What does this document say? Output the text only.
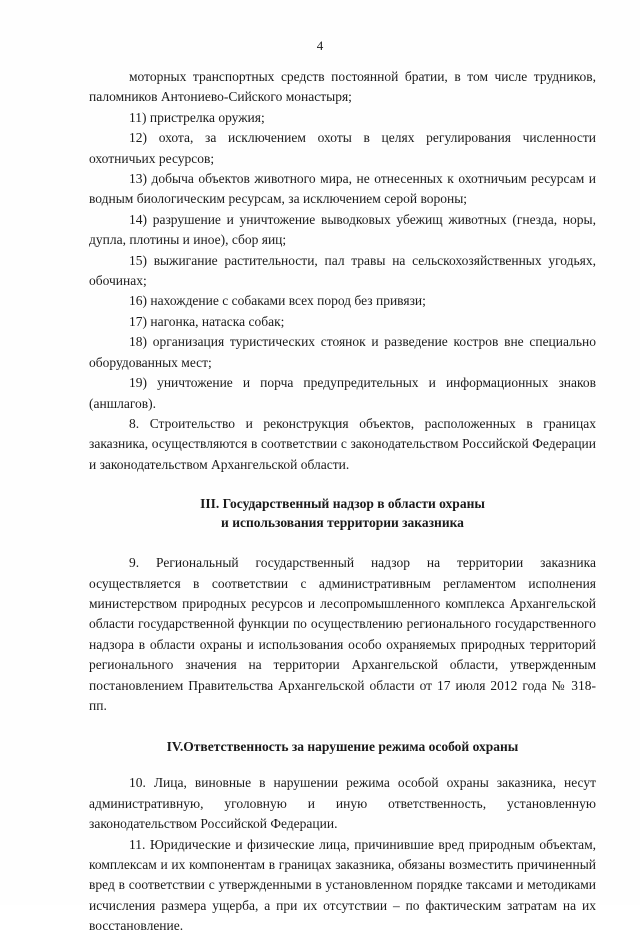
4

моторных транспортных средств постоянной братии, в том числе трудников, паломников Антониево-Сийского монастыря;

11) пристрелка оружия;

12) охота, за исключением охоты в целях регулирования численности охотничьих ресурсов;

13) добыча объектов животного мира, не отнесенных к охотничьим ресурсам и водным биологическим ресурсам, за исключением серой вороны;

14) разрушение и уничтожение выводковых убежищ животных (гнезда, норы, дупла, плотины и иное), сбор яиц;

15) выжигание растительности, пал травы на сельскохозяйственных угодьях, обочинах;

16) нахождение с собаками всех пород без привязи;

17) нагонка, натаска собак;

18) организация туристических стоянок и разведение костров вне специально оборудованных мест;

19) уничтожение и порча предупредительных и информационных знаков (аншлагов).

8. Строительство и реконструкция объектов, расположенных в границах заказника, осуществляются в соответствии с законодательством Российской Федерации и законодательством Архангельской области.

III. Государственный надзор в области охраны
и использования территории заказника

9. Региональный государственный надзор на территории заказника осуществляется в соответствии с административным регламентом исполнения министерством природных ресурсов и лесопромышленного комплекса Архангельской области государственной функции по осуществлению регионального государственного надзора в области охраны и использования особо охраняемых природных территорий регионального значения на территории Архангельской области, утвержденным постановлением Правительства Архангельской области от 17 июля 2012 года № 318-пп.

IV.Ответственность за нарушение режима особой охраны

10. Лица, виновные в нарушении режима особой охраны заказника, несут административную, уголовную и иную ответственность, установленную законодательством Российской Федерации.

11. Юридические и физические лица, причинившие вред природным объектам, комплексам и их компонентам в границах заказника, обязаны возместить причиненный вред в соответствии с утвержденными в установленном порядке таксами и методиками исчисления размера ущерба, а при их отсутствии – по фактическим затратам на их восстановление.
